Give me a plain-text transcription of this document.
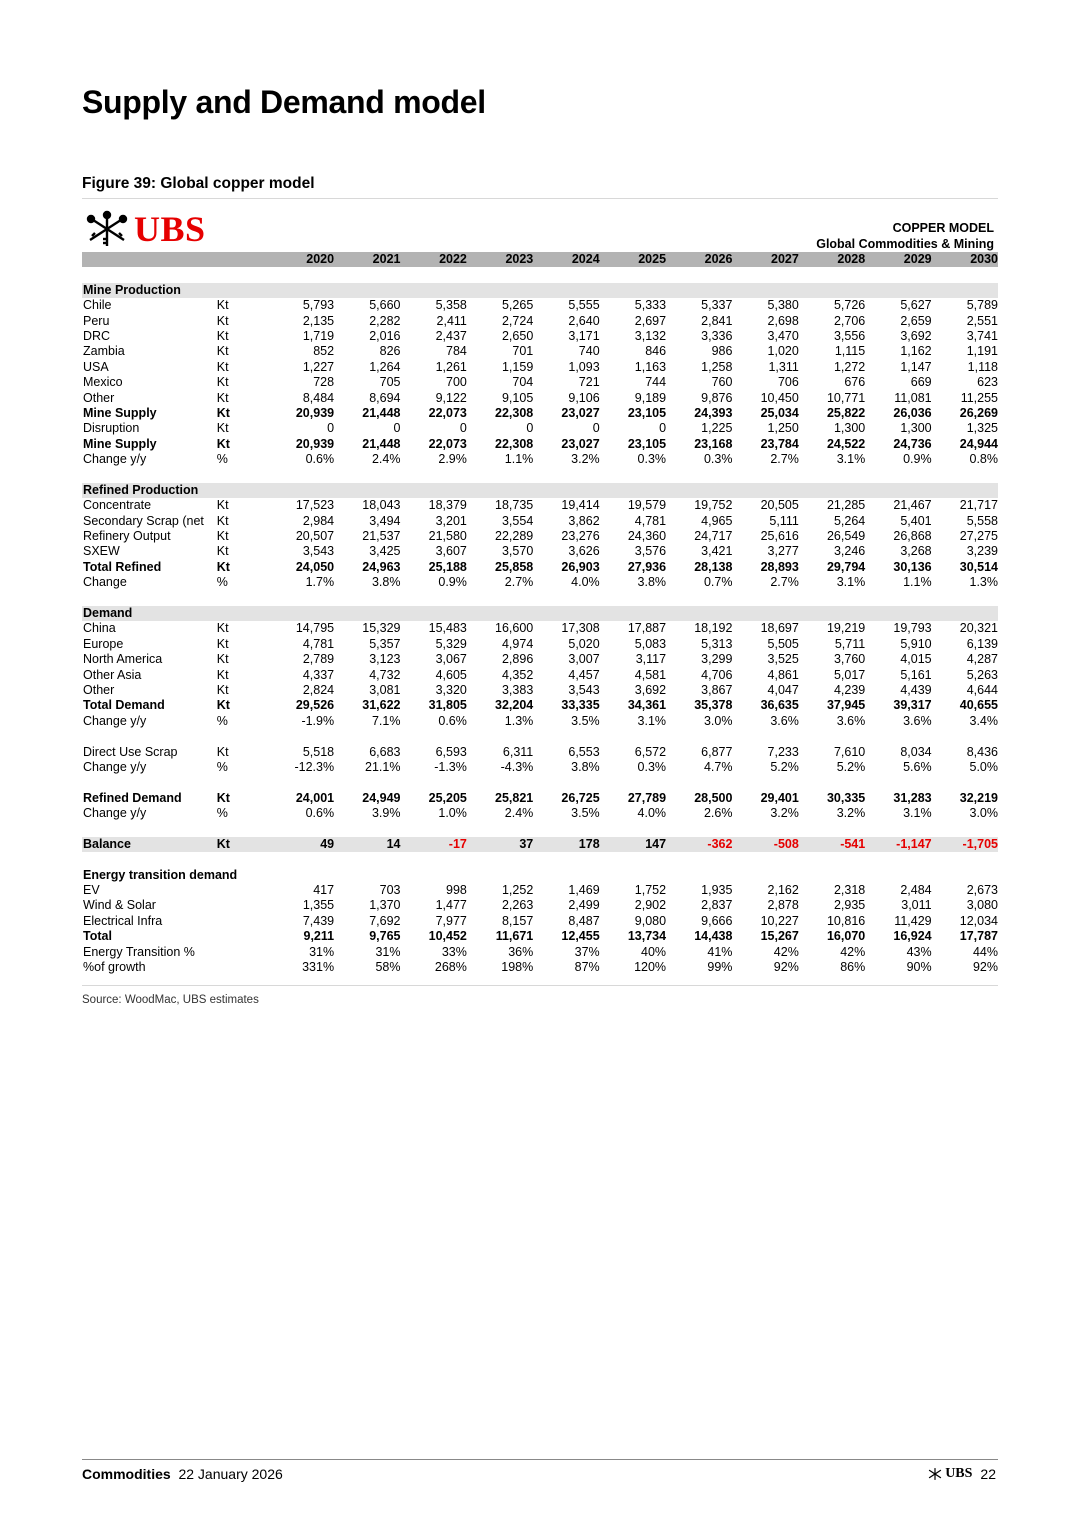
Supply and Demand model
Figure 39: Global copper model
UBS	COPPER MODEL
Global Commodities & Mining
2020	2021	2022	2023	2024	2025	2026	2027	2028	2029	2030
Mine Production
Chile	Kt	5,793	5,660	5,358	5,265	5,555	5,333	5,337	5,380	5,726	5,627	5,789
Peru	Kt	2,135	2,282	2,411	2,724	2,640	2,697	2,841	2,698	2,706	2,659	2,551
DRC	Kt	1,719	2,016	2,437	2,650	3,171	3,132	3,336	3,470	3,556	3,692	3,741
Zambia	Kt	852	826	784	701	740	846	986	1,020	1,115	1,162	1,191
USA	Kt	1,227	1,264	1,261	1,159	1,093	1,163	1,258	1,311	1,272	1,147	1,118
Mexico	Kt	728	705	700	704	721	744	760	706	676	669	623
Other	Kt	8,484	8,694	9,122	9,105	9,106	9,189	9,876	10,450	10,771	11,081	11,255
Mine Supply	Kt	20,939	21,448	22,073	22,308	23,027	23,105	24,393	25,034	25,822	26,036	26,269
Disruption	Kt	0	0	0	0	0	0	1,225	1,250	1,300	1,300	1,325
Mine Supply	Kt	20,939	21,448	22,073	22,308	23,027	23,105	23,168	23,784	24,522	24,736	24,944
Change y/y	%	0.6%	2.4%	2.9%	1.1%	3.2%	0.3%	0.3%	2.7%	3.1%	0.9%	0.8%
Refined Production
Concentrate	Kt	17,523	18,043	18,379	18,735	19,414	19,579	19,752	20,505	21,285	21,467	21,717
Secondary Scrap (net	Kt	2,984	3,494	3,201	3,554	3,862	4,781	4,965	5,111	5,264	5,401	5,558
Refinery Output	Kt	20,507	21,537	21,580	22,289	23,276	24,360	24,717	25,616	26,549	26,868	27,275
SXEW	Kt	3,543	3,425	3,607	3,570	3,626	3,576	3,421	3,277	3,246	3,268	3,239
Total Refined	Kt	24,050	24,963	25,188	25,858	26,903	27,936	28,138	28,893	29,794	30,136	30,514
Change	%	1.7%	3.8%	0.9%	2.7%	4.0%	3.8%	0.7%	2.7%	3.1%	1.1%	1.3%
Demand
China	Kt	14,795	15,329	15,483	16,600	17,308	17,887	18,192	18,697	19,219	19,793	20,321
Europe	Kt	4,781	5,357	5,329	4,974	5,020	5,083	5,313	5,505	5,711	5,910	6,139
North America	Kt	2,789	3,123	3,067	2,896	3,007	3,117	3,299	3,525	3,760	4,015	4,287
Other Asia	Kt	4,337	4,732	4,605	4,352	4,457	4,581	4,706	4,861	5,017	5,161	5,263
Other	Kt	2,824	3,081	3,320	3,383	3,543	3,692	3,867	4,047	4,239	4,439	4,644
Total Demand	Kt	29,526	31,622	31,805	32,204	33,335	34,361	35,378	36,635	37,945	39,317	40,655
Change y/y	%	-1.9%	7.1%	0.6%	1.3%	3.5%	3.1%	3.0%	3.6%	3.6%	3.6%	3.4%
Direct Use Scrap	Kt	5,518	6,683	6,593	6,311	6,553	6,572	6,877	7,233	7,610	8,034	8,436
Change y/y	%	-12.3%	21.1%	-1.3%	-4.3%	3.8%	0.3%	4.7%	5.2%	5.2%	5.6%	5.0%
Refined Demand	Kt	24,001	24,949	25,205	25,821	26,725	27,789	28,500	29,401	30,335	31,283	32,219
Change y/y	%	0.6%	3.9%	1.0%	2.4%	3.5%	4.0%	2.6%	3.2%	3.2%	3.1%	3.0%
Balance	Kt	49	14	-17	37	178	147	-362	-508	-541	-1,147	-1,705
Energy transition demand
EV	417	703	998	1,252	1,469	1,752	1,935	2,162	2,318	2,484	2,673
Wind & Solar	1,355	1,370	1,477	2,263	2,499	2,902	2,837	2,878	2,935	3,011	3,080
Electrical Infra	7,439	7,692	7,977	8,157	8,487	9,080	9,666	10,227	10,816	11,429	12,034
Total	9,211	9,765	10,452	11,671	12,455	13,734	14,438	15,267	16,070	16,924	17,787
Energy Transition %	31%	31%	33%	36%	37%	40%	41%	42%	42%	43%	44%
%of growth	331%	58%	268%	198%	87%	120%	99%	92%	86%	90%	92%
Source: WoodMac, UBS estimates
Commodities 22 January 2026	UBS 22
